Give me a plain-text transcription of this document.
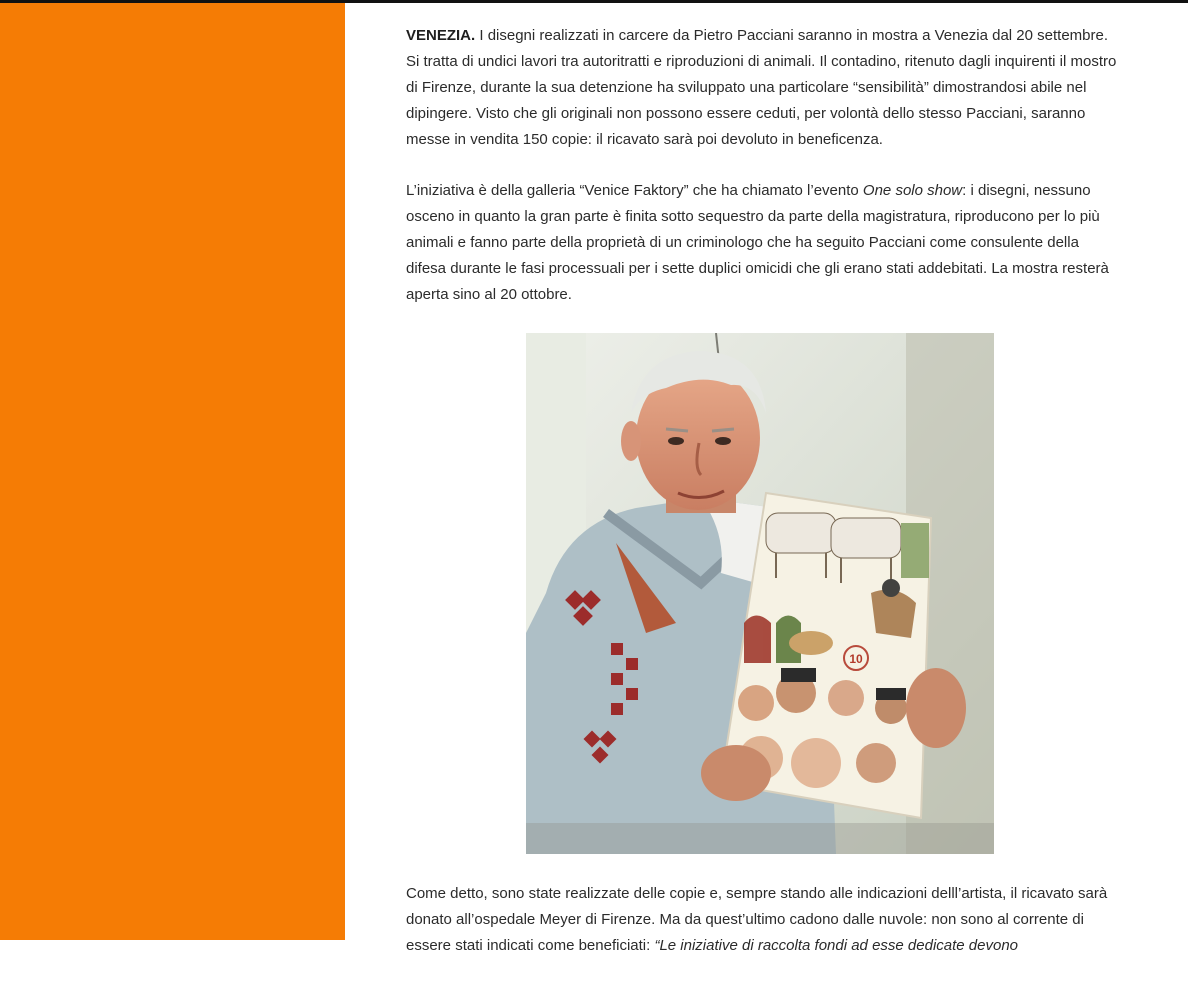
VENEZIA. I disegni realizzati in carcere da Pietro Pacciani saranno in mostra a Venezia dal 20 settembre. Si tratta di undici lavori tra autoritratti e riproduzioni di animali. Il contadino, ritenuto dagli inquirenti il mostro di Firenze, durante la sua detenzione ha sviluppato una particolare “sensibilità” dimostrandosi abile nel dipingere. Visto che gli originali non possono essere ceduti, per volontà dello stesso Pacciani, saranno messe in vendita 150 copie: il ricavato sarà poi devoluto in beneficenza.

L’iniziativa è della galleria “Venice Faktory” che ha chiamato l’evento One solo show: i disegni, nessuno osceno in quanto la gran parte è finita sotto sequestro da parte della magistratura, riproducono per lo più animali e fanno parte della proprietà di un criminologo che ha seguito Pacciani come consulente della difesa durante le fasi processuali per i sette duplici omicidi che gli erano stati addebitati. La mostra resterà aperta sino al 20 ottobre.

10

Come detto, sono state realizzate delle copie e, sempre stando alle indicazioni delll’artista, il ricavato sarà donato all’ospedale Meyer di Firenze. Ma da quest’ultimo cadono dalle nuvole: non sono al corrente di essere stati indicati come beneficiati: “Le iniziative di raccolta fondi ad esse dedicate devono
